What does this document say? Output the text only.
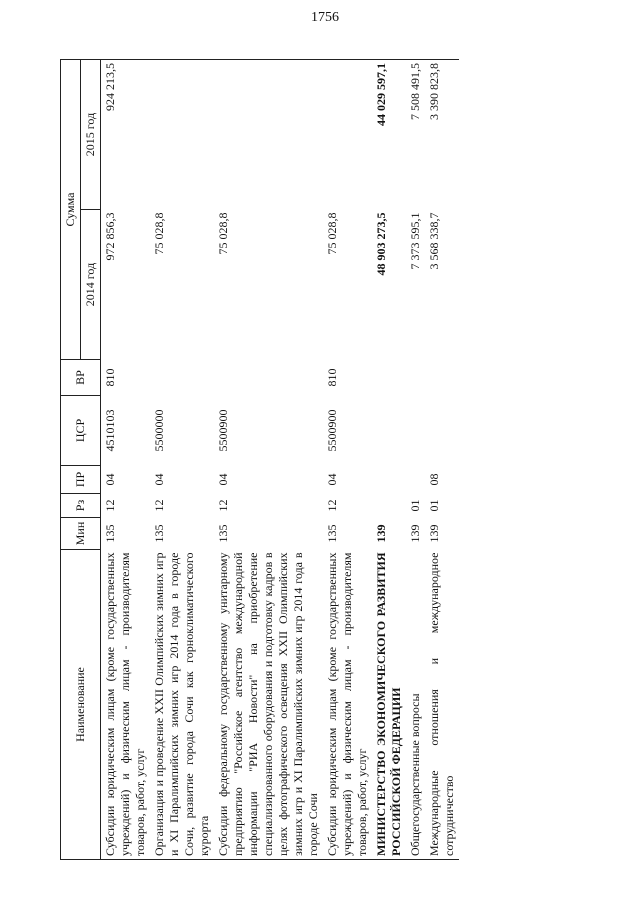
1756
Наименование	Мин	Рз	ПР	ЦСР	ВР	Сумма	
						2014 год	2015 год
Субсидии юридическим лицам (кроме государственных учреждений) и физическим лицам - производителям товаров, работ, услуг	135	12	04	4510103	810	972 856,3	924 213,5
Организация и проведение XXII Олимпийских зимних игр и XI Паралимпийских зимних игр 2014 года в городе Сочи, развитие города Сочи как горноклиматического курорта	135	12	04	5500000		75 028,8	
Субсидии федеральному государственному унитарному предприятию "Российское агентство международной информации "РИА Новости" на приобретение специализированного оборудования и подготовку кадров в целях фотографического освещения XXII Олимпийских зимних игр и XI Паралимпийских зимних игр 2014 года в городе Сочи	135	12	04	5500900		75 028,8	
Субсидии юридическим лицам (кроме государственных учреждений) и физическим лицам - производителям товаров, работ, услуг	135	12	04	5500900	810	75 028,8	
МИНИСТЕРСТВО ЭКОНОМИЧЕСКОГО РАЗВИТИЯ РОССИЙСКОЙ ФЕДЕРАЦИИ	139					48 903 273,5	44 029 597,1
Общегосударственные вопросы	139	01				7 373 595,1	7 508 491,5
Международные отношения и международное сотрудничество	139	01	08			3 568 338,7	3 390 823,8
